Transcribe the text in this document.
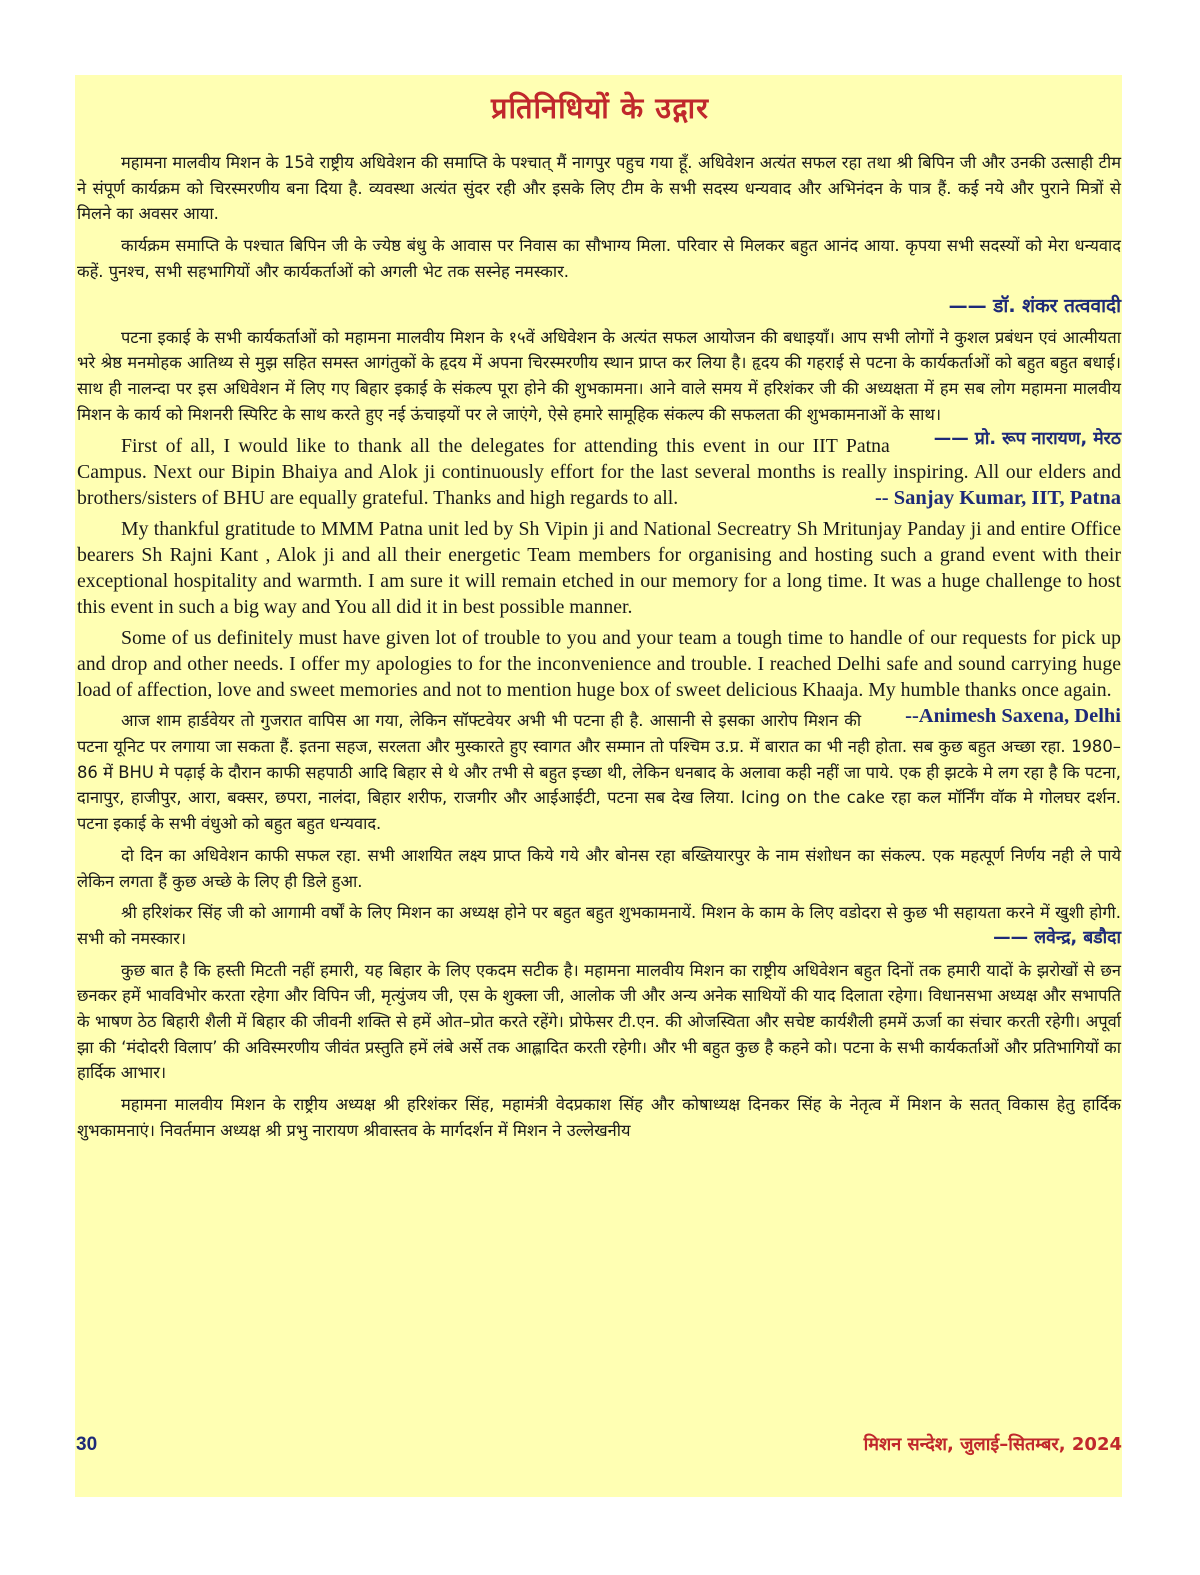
प्रतिनिधियों के उद्गार

महामना मालवीय मिशन के 15वे राष्ट्रीय अधिवेशन की समाप्ति के पश्चात् मैं नागपुर पहुच गया हूँ. अधिवेशन अत्यंत सफल रहा तथा श्री बिपिन जी और उनकी उत्साही टीम ने संपूर्ण कार्यक्रम को चिरस्मरणीय बना दिया है. व्यवस्था अत्यंत सुंदर रही और इसके लिए टीम के सभी सदस्य धन्यवाद और अभिनंदन के पात्र हैं. कई नये और पुराने मित्रों से मिलने का अवसर आया.

कार्यक्रम समाप्ति के पश्चात बिपिन जी के ज्येष्ठ बंधु के आवास पर निवास का सौभाग्य मिला. परिवार से मिलकर बहुत आनंद आया. कृपया सभी सदस्यों को मेरा धन्यवाद कहें. पुनश्च, सभी सहभागियों और कार्यकर्ताओं को अगली भेट तक सस्नेह नमस्कार.

—— डॉ. शंकर तत्ववादी

पटना इकाई के सभी कार्यकर्ताओं को महामना मालवीय मिशन के १५वें अधिवेशन के अत्यंत सफल आयोजन की बधाइयाँ। आप सभी लोगों ने कुशल प्रबंधन एवं आत्मीयता भरे श्रेष्ठ मनमोहक आतिथ्य से मुझ सहित समस्त आगंतुकों के हृदय में अपना चिरस्मरणीय स्थान प्राप्त कर लिया है। हृदय की गहराई से पटना के कार्यकर्ताओं को बहुत बहुत बधाई। साथ ही नालन्दा पर इस अधिवेशन में लिए गए बिहार इकाई के संकल्प पूरा होने की शुभकामना। आने वाले समय में हरिशंकर जी की अध्यक्षता में हम सब लोग महामना मालवीय मिशन के कार्य को मिशनरी स्पिरिट के साथ करते हुए नई ऊंचाइयों पर ले जाएंगे, ऐसे हमारे सामूहिक संकल्प की सफलता की शुभकामनाओं के साथ।
—— प्रो. रूप नारायण, मेरठ

First of all, I would like to thank all the delegates for attending this event in our IIT Patna Campus. Next our Bipin Bhaiya and Alok ji continuously effort for the last several months is really inspiring. All our elders and brothers/sisters of BHU are equally grateful. Thanks and high regards to all.	-- Sanjay Kumar, IIT, Patna

My thankful gratitude to MMM Patna unit led by Sh Vipin ji and National Secreatry Sh Mritunjay Panday ji and entire Office bearers Sh Rajni Kant , Alok ji and all their energetic Team members for organising and hosting such a grand event with their exceptional hospitality and warmth. I am sure it will remain etched in our memory for a long time. It was a huge challenge to host this event in such a big way and You all did it in best possible manner.

Some of us definitely must have given lot of trouble to you and your team a tough time to handle of our requests for pick up and drop and other needs. I offer my apologies to for the inconvenience and trouble. I reached Delhi safe and sound carrying huge load of affection, love and sweet memories and not to mention huge box of sweet delicious Khaaja. My humble thanks once again.
--Animesh Saxena, Delhi

आज शाम हार्डवेयर तो गुजरात वापिस आ गया, लेकिन सॉफ्टवेयर अभी भी पटना ही है. आसानी से इसका आरोप मिशन की पटना यूनिट पर लगाया जा सकता हैं. इतना सहज, सरलता और मुस्कारते हुए स्वागत और सम्मान तो पश्चिम उ.प्र. में बारात का भी नही होता. सब कुछ बहुत अच्छा रहा. 1980–86 में BHU मे पढ़ाई के दौरान काफी सहपाठी आदि बिहार से थे और तभी से बहुत इच्छा थी, लेकिन धनबाद के अलावा कही नहीं जा पाये. एक ही झटके मे लग रहा है कि पटना, दानापुर, हाजीपुर, आरा, बक्सर, छपरा, नालंदा, बिहार शरीफ, राजगीर और आईआईटी, पटना सब देख लिया. Icing on the cake रहा कल मॉर्निंग वॉक मे गोलघर दर्शन. पटना इकाई के सभी वंधुओ को बहुत बहुत धन्यवाद.

दो दिन का अधिवेशन काफी सफल रहा. सभी आशयित लक्ष्य प्राप्त किये गये और बोनस रहा बख्तियारपुर के नाम संशोधन का संकल्प. एक महत्पूर्ण निर्णय नही ले पाये लेकिन लगता हैं कुछ अच्छे के लिए ही डिले हुआ.

श्री हरिशंकर सिंह जी को आगामी वर्षों के लिए मिशन का अध्यक्ष होने पर बहुत बहुत शुभकामनायें. मिशन के काम के लिए वडोदरा से कुछ भी सहायता करने में खुशी होगी. सभी को नमस्कार।	—— लवेन्द्र, बडौदा

कुछ बात है कि हस्ती मिटती नहीं हमारी, यह बिहार के लिए एकदम सटीक है। महामना मालवीय मिशन का राष्ट्रीय अधिवेशन बहुत दिनों तक हमारी यादों के झरोखों से छन छनकर हमें भावविभोर करता रहेगा और विपिन जी, मृत्युंजय जी, एस के शुक्ला जी, आलोक जी और अन्य अनेक साथियों की याद दिलाता रहेगा। विधानसभा अध्यक्ष और सभापति के भाषण ठेठ बिहारी शैली में बिहार की जीवनी शक्ति से हमें ओत–प्रोत करते रहेंगे। प्रोफेसर टी.एन. की ओजस्विता और सचेष्ट कार्यशैली हममें ऊर्जा का संचार करती रहेगी। अपूर्वा झा की ‘मंदोदरी विलाप’ की अविस्मरणीय जीवंत प्रस्तुति हमें लंबे अर्से तक आह्लादित करती रहेगी। और भी बहुत कुछ है कहने को। पटना के सभी कार्यकर्ताओं और प्रतिभागियों का हार्दिक आभार।

महामना मालवीय मिशन के राष्ट्रीय अध्यक्ष श्री हरिशंकर सिंह, महामंत्री वेदप्रकाश सिंह और कोषाध्यक्ष दिनकर सिंह के नेतृत्व में मिशन के सतत् विकास हेतु हार्दिक शुभकामनाएं। निवर्तमान अध्यक्ष श्री प्रभु नारायण श्रीवास्तव के मार्गदर्शन में मिशन ने उल्लेखनीय

30	मिशन सन्देश, जुलाई–सितम्बर, 2024
